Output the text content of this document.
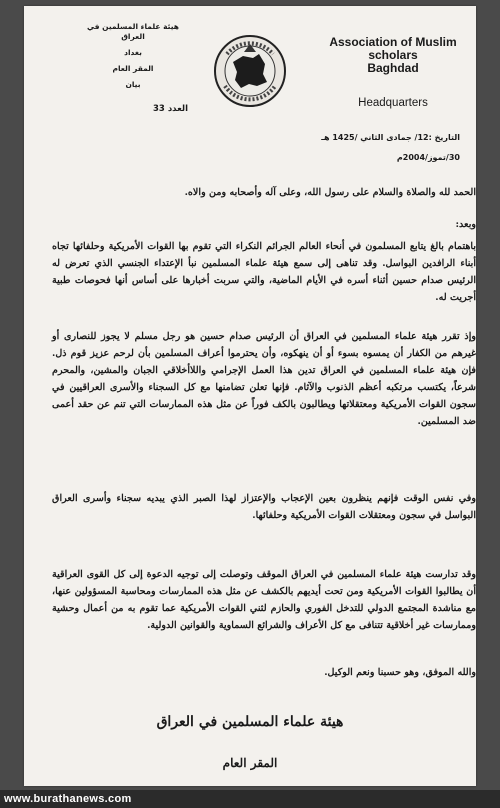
هيئة علماء المسلمين في العراق
بغداد
المقر العام
بيان
العدد 33
Association of Muslim
scholars
Baghdad
Headquarters
التاريخ :12/ جمادى الثاني /1425 هـ
30/تموز/2004م
الحمد لله والصلاة والسلام على رسول الله، وعلى آله وأصحابه ومن والاه.
وبعد:
باهتمام بالغ يتابع المسلمون في أنحاء العالم الجرائم النكراء التي تقوم بها القوات الأمريكية وحلفائها تجاه أبناء الرافدين البواسل. وقد تناهى إلى سمع هيئة علماء المسلمين نبأ الإعتداء الجنسي الذي تعرض له الرئيس صدام حسين أثناء أسره في الأيام الماضية، والتي سربت أخبارها على أساس أنها فحوصات طبية أجريت له.
وإذ تقرر هيئة علماء المسلمين في العراق أن الرئيس صدام حسين هو رجل مسلم لا يجوز للنصارى أو غيرهم من الكفار أن يمسوه بسوء أو أن ينهكوه، وأن يحترموا أعراف المسلمين بأن لرحم عزيز قوم ذل. فإن هيئة علماء المسلمين في العراق تدين هذا العمل الإجرامي واللاأخلاقي الجبان والمشين، والمحرم شرعاً، يكتسب مرتكبه أعظم الذنوب والآثام. فإنها تعلن تضامنها مع كل السجناء والأسرى العراقيين في سجون القوات الأمريكية ومعتقلاتها ويطالبون بالكف فوراً عن مثل هذه الممارسات التي تنم عن حقد أعمى ضد المسلمين.
وفي نفس الوقت فإنهم ينظرون بعين الإعجاب والإعتزاز لهذا الصبر الذي يبديه سجناء وأسرى العراق البواسل في سجون ومعتقلات القوات الأمريكية وحلفائها.
وقد تدارست هيئة علماء المسلمين في العراق الموقف وتوصلت إلى توجيه الدعوة إلى كل القوى العراقية أن يطالبوا القوات الأمريكية ومن تحت أيديهم بالكشف عن مثل هذه الممارسات ومحاسبة المسؤولين عنها، مع مناشدة المجتمع الدولي للتدخل الفوري والحازم لثني القوات الأمريكية عما تقوم به من أعمال وحشية وممارسات غير أخلاقية تتنافى مع كل الأعراف والشرائع السماوية والقوانين الدولية.
والله الموفق، وهو حسبنا ونعم الوكيل.
هيئة علماء المسلمين في العراق
المقر العام
www.burathanews.com
